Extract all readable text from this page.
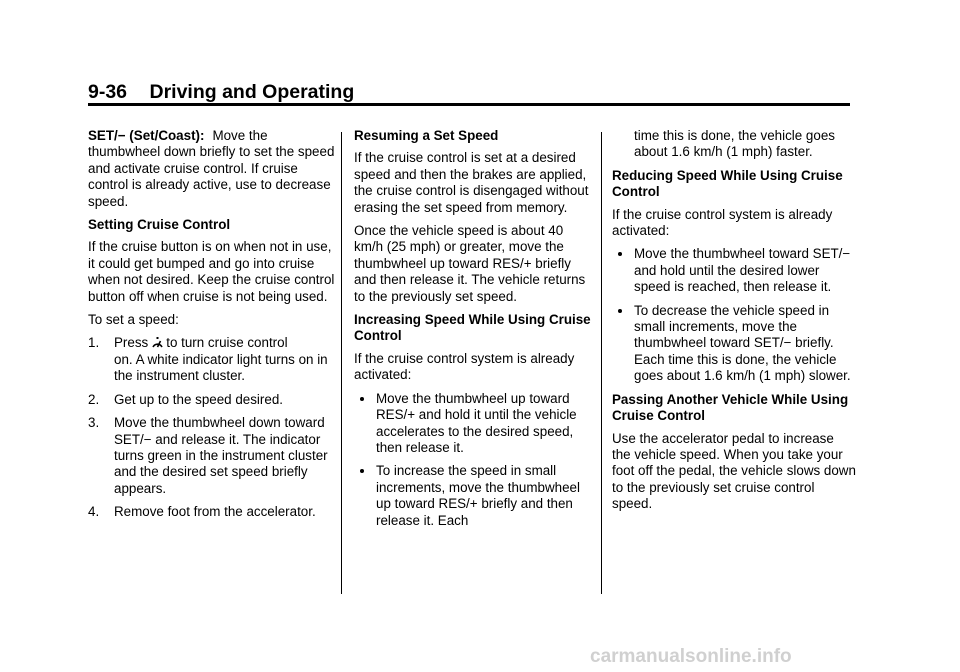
9-36 Driving and Operating

SET/− (Set/Coast): Move the thumbwheel down briefly to set the speed and activate cruise control. If cruise control is already active, use to decrease speed.

Setting Cruise Control

If the cruise button is on when not in use, it could get bumped and go into cruise when not desired. Keep the cruise control button off when cruise is not being used.

To set a speed:

1. Press to turn cruise control
on. A white indicator light turns on in the instrument cluster.
2. Get up to the speed desired.
3. Move the thumbwheel down toward SET/− and release it. The indicator turns green in the instrument cluster and the desired set speed briefly appears.
4. Remove foot from the accelerator.

Resuming a Set Speed

If the cruise control is set at a desired speed and then the brakes are applied, the cruise control is disengaged without erasing the set speed from memory.

Once the vehicle speed is about 40 km/h (25 mph) or greater, move the thumbwheel up toward RES/+ briefly and then release it. The vehicle returns to the previously set speed.

Increasing Speed While Using Cruise Control

If the cruise control system is already activated:

Move the thumbwheel up toward RES/+ and hold it until the vehicle accelerates to the desired speed, then release it.
To increase the speed in small increments, move the thumbwheel up toward RES/+ briefly and then release it. Each

time this is done, the vehicle goes about 1.6 km/h (1 mph) faster.

Reducing Speed While Using Cruise Control

If the cruise control system is already activated:

Move the thumbwheel toward SET/− and hold until the desired lower speed is reached, then release it.
To decrease the vehicle speed in small increments, move the thumbwheel toward SET/− briefly. Each time this is done, the vehicle goes about 1.6 km/h (1 mph) slower.

Passing Another Vehicle While Using Cruise Control

Use the accelerator pedal to increase the vehicle speed. When you take your foot off the pedal, the vehicle slows down to the previously set cruise control speed.

carmanualsonline.info
